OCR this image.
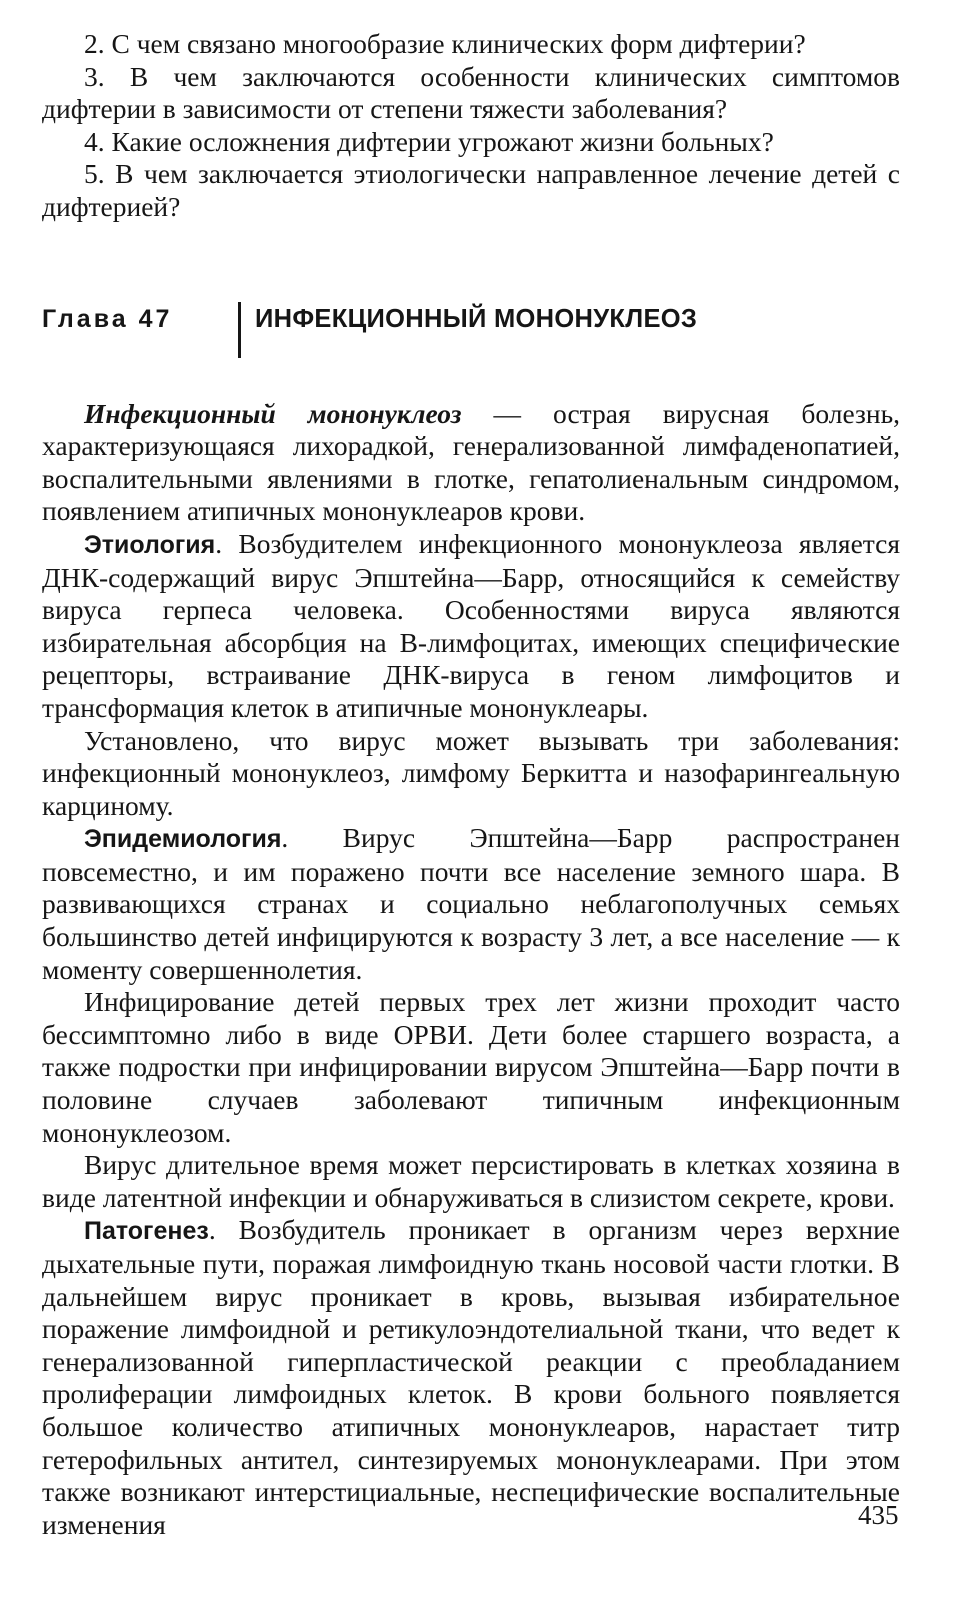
2. С чем связано многообразие клинических форм дифтерии?

3. В чем заключаются особенности клинических симптомов дифтерии в зависимости от степени тяжести заболевания?

4. Какие осложнения дифтерии угрожают жизни больных?

5. В чем заключается этиологически направленное лечение детей с дифтерией?

Глава 47	ИНФЕКЦИОННЫЙ МОНОНУКЛЕОЗ

Инфекционный мононуклеоз — острая вирусная болезнь, характеризующаяся лихорадкой, генерализованной лимфаденопатией, воспалительными явлениями в глотке, гепатолиенальным синдромом, появлением атипичных мононуклеаров крови.

Этиология. Возбудителем инфекционного мононуклеоза является ДНК-содержащий вирус Эпштейна—Барр, относящийся к семейству вируса герпеса человека. Особенностями вируса являются избирательная абсорбция на В-лимфоцитах, имеющих специфические рецепторы, встраивание ДНК-вируса в геном лимфоцитов и трансформация клеток в атипичные мононуклеары.

Установлено, что вирус может вызывать три заболевания: инфекционный мононуклеоз, лимфому Беркитта и назофарингеальную карциному.

Эпидемиология. Вирус Эпштейна—Барр распространен повсеместно, и им поражено почти все население земного шара. В развивающихся странах и социально неблагополучных семьях большинство детей инфицируются к возрасту 3 лет, а все население — к моменту совершеннолетия.

Инфицирование детей первых трех лет жизни проходит часто бессимптомно либо в виде ОРВИ. Дети более старшего возраста, а также подростки при инфицировании вирусом Эпштейна—Барр почти в половине случаев заболевают типичным инфекционным мононуклеозом.

Вирус длительное время может персистировать в клетках хозяина в виде латентной инфекции и обнаруживаться в слизистом секрете, крови.

Патогенез. Возбудитель проникает в организм через верхние дыхательные пути, поражая лимфоидную ткань носовой части глотки. В дальнейшем вирус проникает в кровь, вызывая избирательное поражение лимфоидной и ретикулоэндотелиальной ткани, что ведет к генерализованной гиперпластической реакции с преобладанием пролиферации лимфоидных клеток. В крови больного появляется большое количество атипичных мононуклеаров, нарастает титр гетерофильных антител, синтезируемых мононуклеарами. При этом также возникают интерстициальные, неспецифические воспалительные изменения	435
